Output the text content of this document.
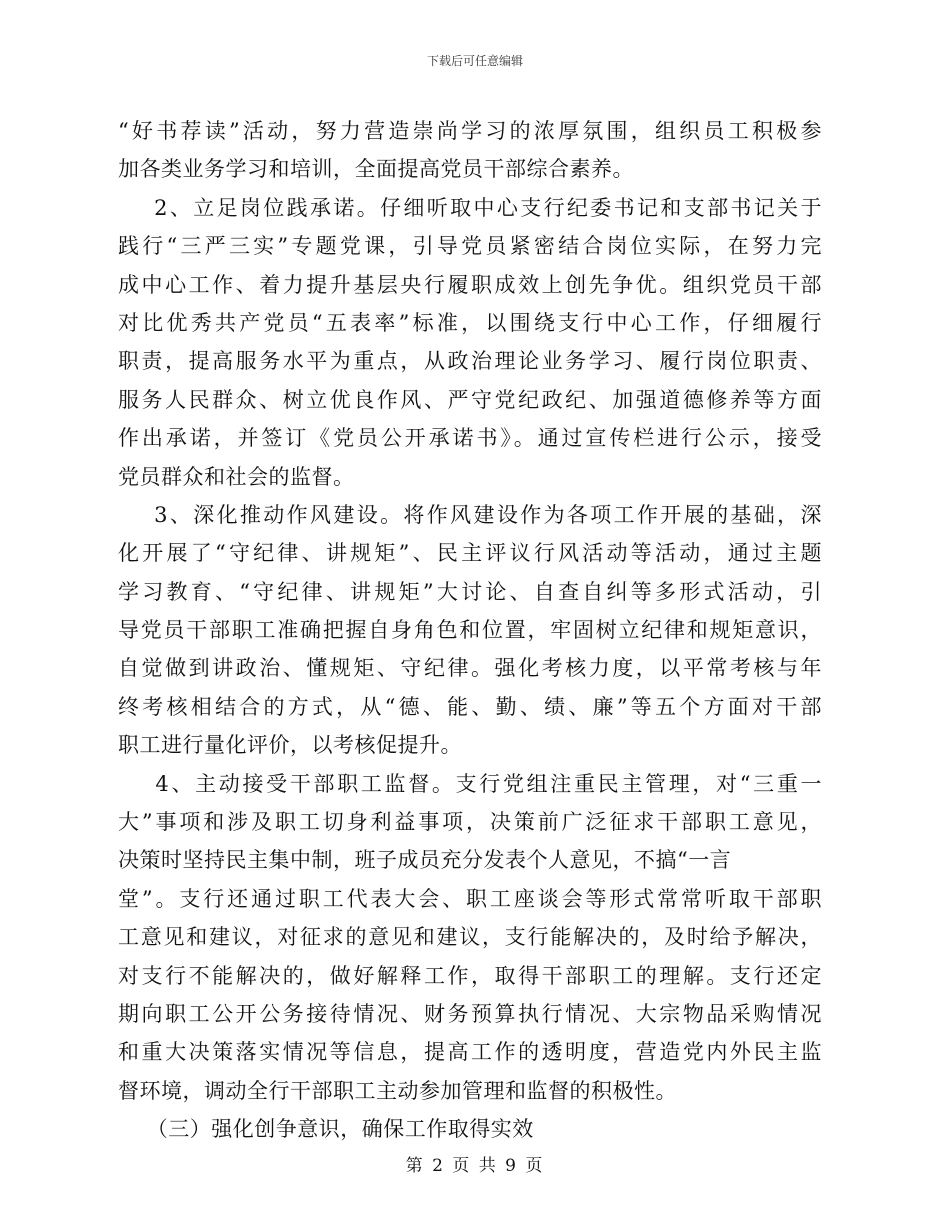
下载后可任意编辑
“好书荐读”活动，努力营造崇尚学习的浓厚氛围，组织员工积极参
加各类业务学习和培训，全面提高党员干部综合素养。
2、立足岗位践承诺。仔细听取中心支行纪委书记和支部书记关于
践行“三严三实”专题党课，引导党员紧密结合岗位实际，在努力完
成中心工作、着力提升基层央行履职成效上创先争优。组织党员干部
对比优秀共产党员“五表率”标准，以围绕支行中心工作，仔细履行
职责，提高服务水平为重点，从政治理论业务学习、履行岗位职责、
服务人民群众、树立优良作风、严守党纪政纪、加强道德修养等方面
作出承诺，并签订《党员公开承诺书》。通过宣传栏进行公示，接受
党员群众和社会的监督。
3、深化推动作风建设。将作风建设作为各项工作开展的基础，深
化开展了“守纪律、讲规矩”、民主评议行风活动等活动，通过主题
学习教育、“守纪律、讲规矩”大讨论、自查自纠等多形式活动，引
导党员干部职工准确把握自身角色和位置，牢固树立纪律和规矩意识，
自觉做到讲政治、懂规矩、守纪律。强化考核力度，以平常考核与年
终考核相结合的方式，从“德、能、勤、绩、廉”等五个方面对干部
职工进行量化评价，以考核促提升。
4、主动接受干部职工监督。支行党组注重民主管理，对“三重一
大”事项和涉及职工切身利益事项，决策前广泛征求干部职工意见，
决策时坚持民主集中制，班子成员充分发表个人意见，不搞“一言
堂”。支行还通过职工代表大会、职工座谈会等形式常常听取干部职
工意见和建议，对征求的意见和建议，支行能解决的，及时给予解决，
对支行不能解决的，做好解释工作，取得干部职工的理解。支行还定
期向职工公开公务接待情况、财务预算执行情况、大宗物品采购情况
和重大决策落实情况等信息，提高工作的透明度，营造党内外民主监
督环境，调动全行干部职工主动参加管理和监督的积极性。
（三）强化创争意识，确保工作取得实效
第 2 页 共 9 页
